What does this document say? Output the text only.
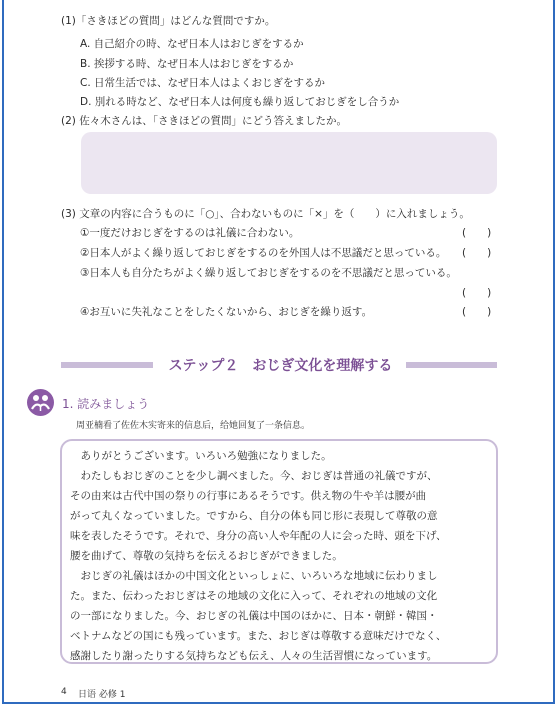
(1)「さきほどの質問」はどんな質問ですか。
A. 自己紹介の時、なぜ日本人はおじぎをするか
B. 挨拶する時、なぜ日本人はおじぎをするか
C. 日常生活では、なぜ日本人はよくおじぎをするか
D. 別れる時など、なぜ日本人は何度も繰り返しておじぎをし合うか
(2) 佐々木さんは、「さきほどの質問」にどう答えましたか。
(3) 文章の内容に合うものに「○」、合わないものに「×」を（　　）に入れましょう。
①一度だけおじぎをするのは礼儀に合わない。	(　　)
②日本人がよく繰り返しておじぎをするのを外国人は不思議だと思っている。 (　　)
③日本人も自分たちがよく繰り返しておじぎをするのを不思議だと思っている。
(　　)
④お互いに失礼なことをしたくないから、おじぎを繰り返す。	(　　)
ステップ２　おじぎ文化を理解する
1. 読みましょう
周亚楠看了佐佐木实寄来的信息后，给她回复了一条信息。
　ありがとうございます。いろいろ勉強になりました。
　わたしもおじぎのことを少し調べました。今、おじぎは普通の礼儀ですが、
その由来は古代中国の祭りの行事にあるそうです。供え物の牛や羊は腰が曲
がって丸くなっていました。ですから、自分の体も同じ形に表現して尊敬の意
味を表したそうです。それで、身分の高い人や年配の人に会った時、頭を下げ、
腰を曲げて、尊敬の気持ちを伝えるおじぎができました。
　おじぎの礼儀はほかの中国文化といっしょに、いろいろな地域に伝わりまし
た。また、伝わったおじぎはその地域の文化に入って、それぞれの地域の文化
の一部になりました。今、おじぎの礼儀は中国のほかに、日本・朝鮮・韓国・
ベトナムなどの国にも残っています。また、おじぎは尊敬する意味だけでなく、
感謝したり謝ったりする気持ちなども伝え、人々の生活習慣になっています。
4 日语 必修 1
